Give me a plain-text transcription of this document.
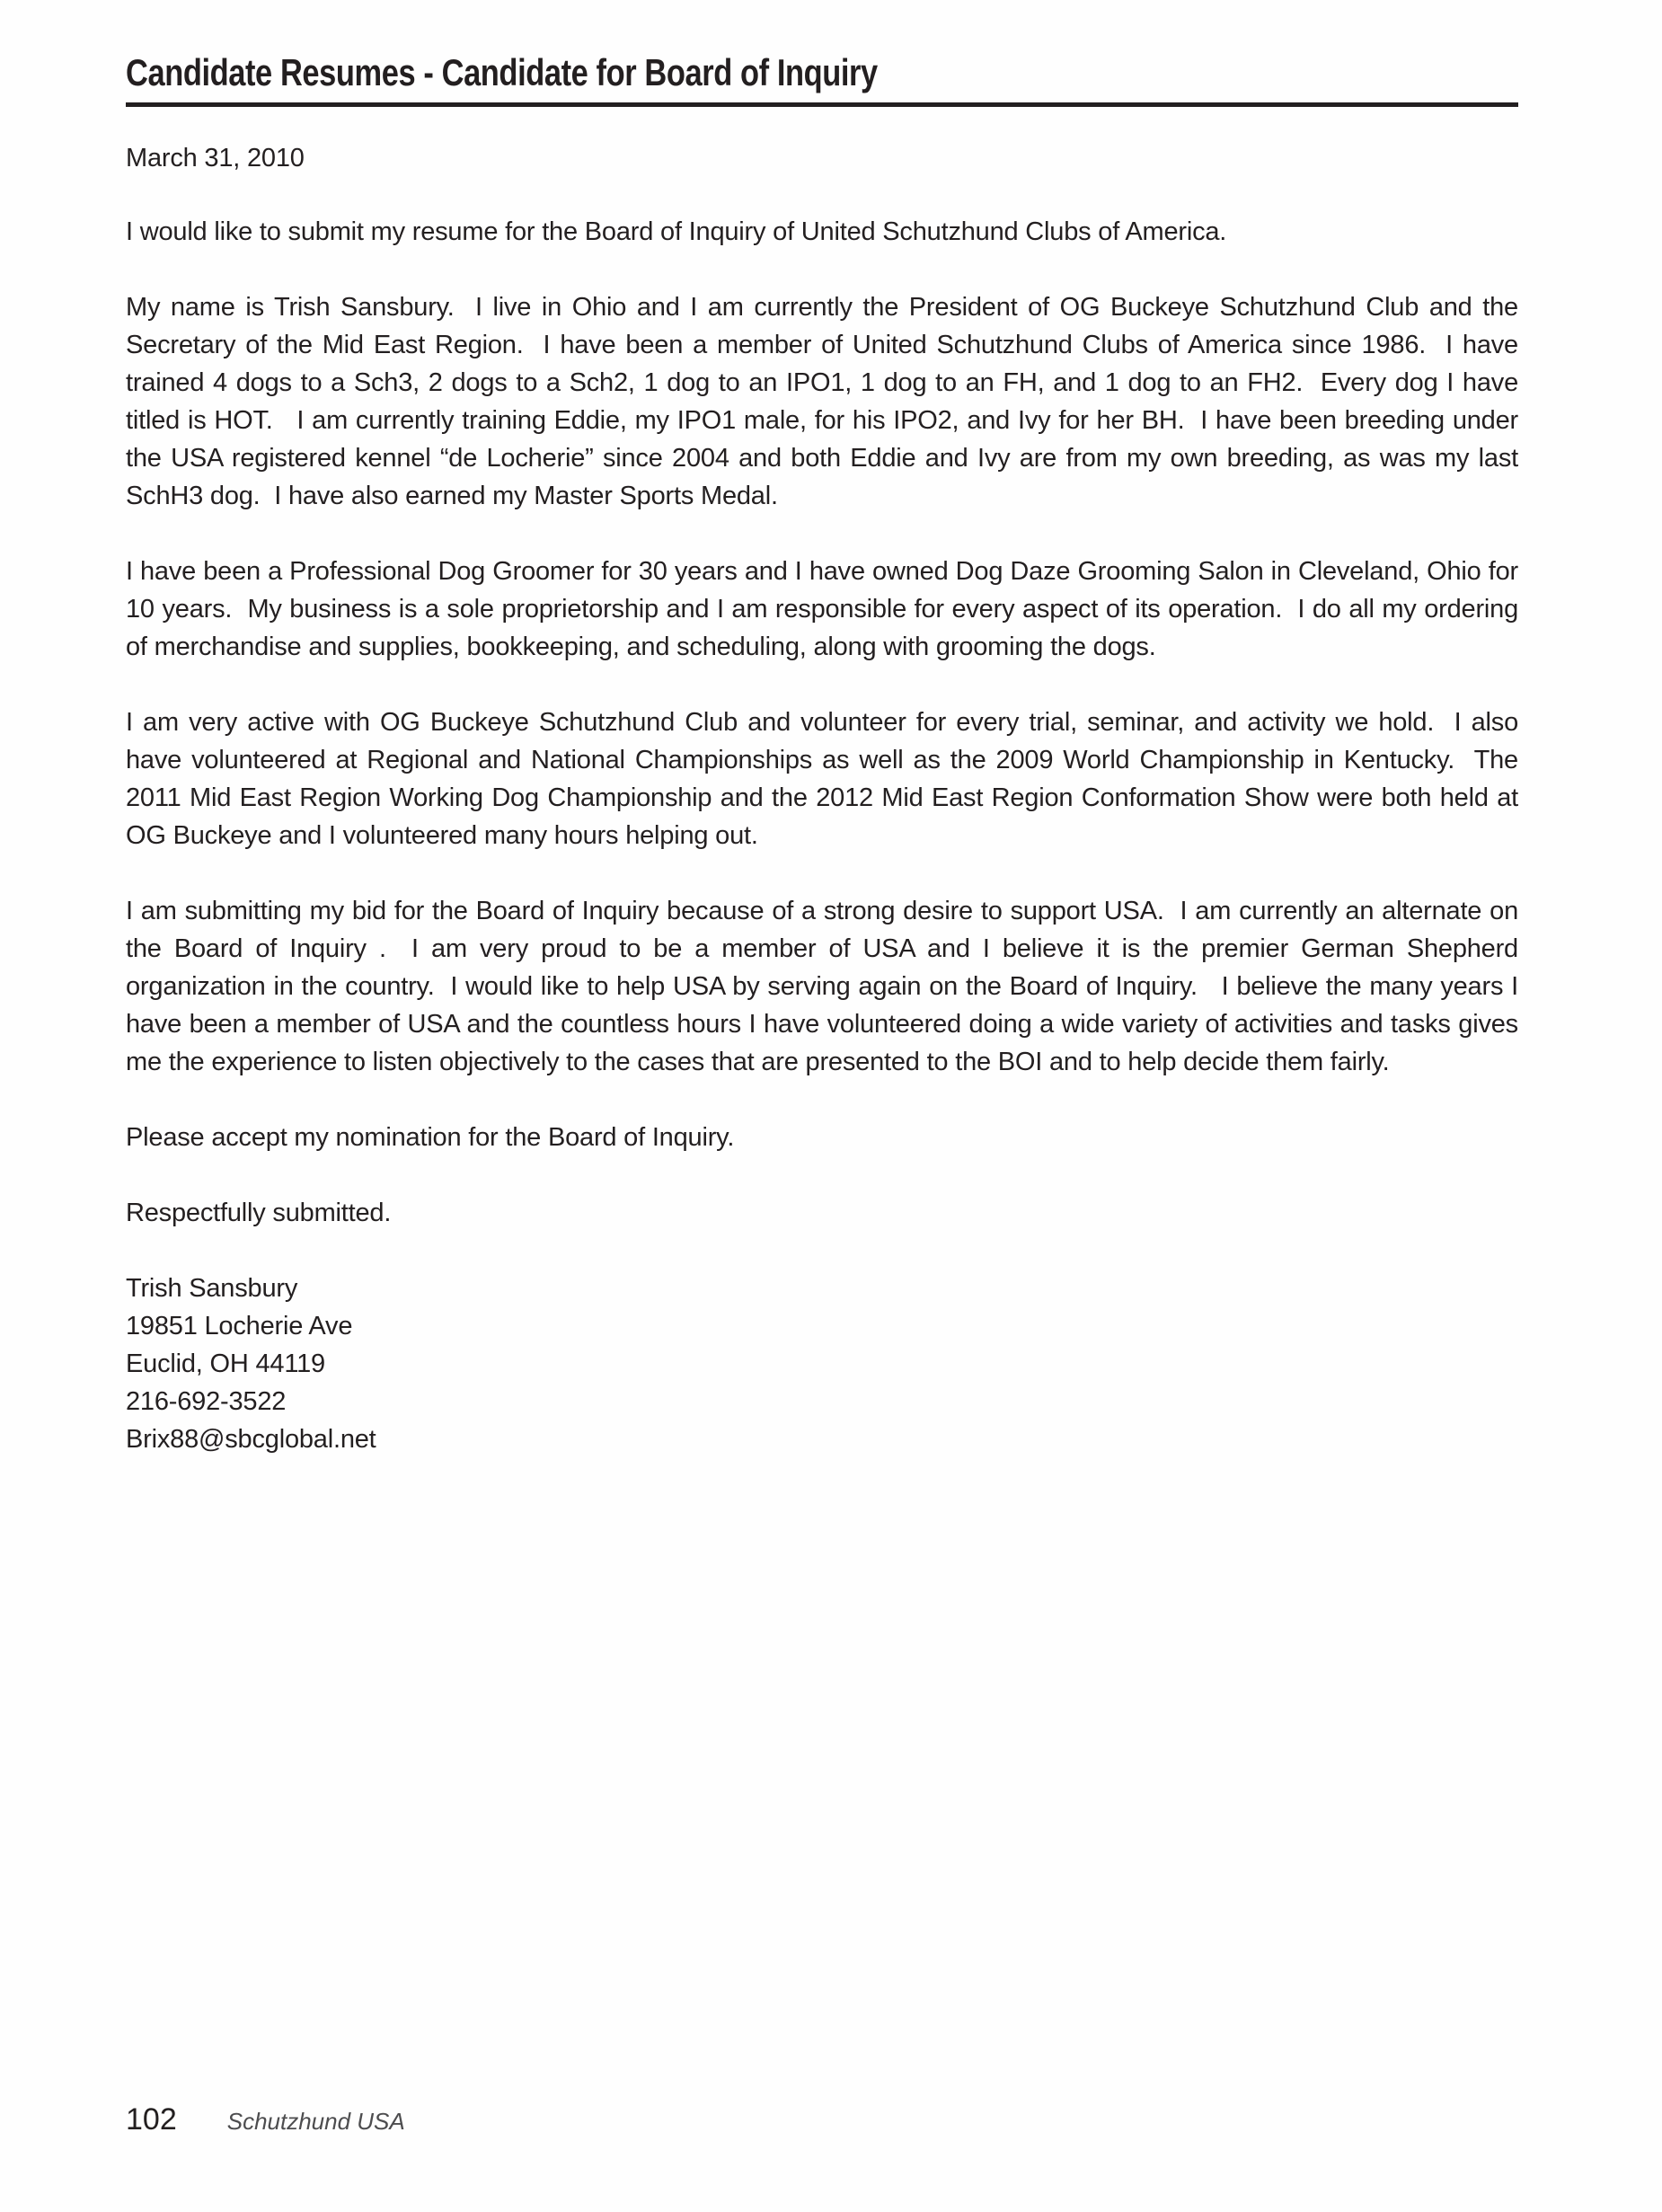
Candidate Resumes - Candidate for Board of Inquiry

March 31, 2010

I would like to submit my resume for the Board of Inquiry of United Schutzhund Clubs of America.

My name is Trish Sansbury.  I live in Ohio and I am currently the President of OG Buckeye Schutzhund Club and the Secretary of the Mid East Region.  I have been a member of United Schutzhund Clubs of America since 1986.  I have trained 4 dogs to a Sch3, 2 dogs to a Sch2, 1 dog to an IPO1, 1 dog to an FH, and 1 dog to an FH2.  Every dog I have titled is HOT.   I am currently training Eddie, my IPO1 male, for his IPO2, and Ivy for her BH.  I have been breeding under the USA registered kennel “de Locherie” since 2004 and both Eddie and Ivy are from my own breeding, as was my last SchH3 dog.  I have also earned my Master Sports Medal.

I have been a Professional Dog Groomer for 30 years and I have owned Dog Daze Grooming Salon in Cleveland, Ohio for 10 years.  My business is a sole proprietorship and I am responsible for every aspect of its operation.  I do all my ordering of merchandise and supplies, bookkeeping, and scheduling, along with grooming the dogs.

I am very active with OG Buckeye Schutzhund Club and volunteer for every trial, seminar, and activity we hold.  I also have volunteered at Regional and National Championships as well as the 2009 World Championship in Kentucky.  The 2011 Mid East Region Working Dog Championship and the 2012 Mid East Region Conformation Show were both held at OG Buckeye and I volunteered many hours helping out.

I am submitting my bid for the Board of Inquiry because of a strong desire to support USA.  I am currently an alternate on the Board of Inquiry .  I am very proud to be a member of USA and I believe it is the premier German Shepherd organization in the country.  I would like to help USA by serving again on the Board of Inquiry.   I believe the many years I have been a member of USA and the countless hours I have volunteered doing a wide variety of activities and tasks gives me the experience to listen objectively to the cases that are presented to the BOI and to help decide them fairly.

Please accept my nomination for the Board of Inquiry.

Respectfully submitted.

Trish Sansbury

19851 Locherie Ave

Euclid, OH 44119

216-692-3522

Brix88@sbcglobal.net

102 Schutzhund USA
